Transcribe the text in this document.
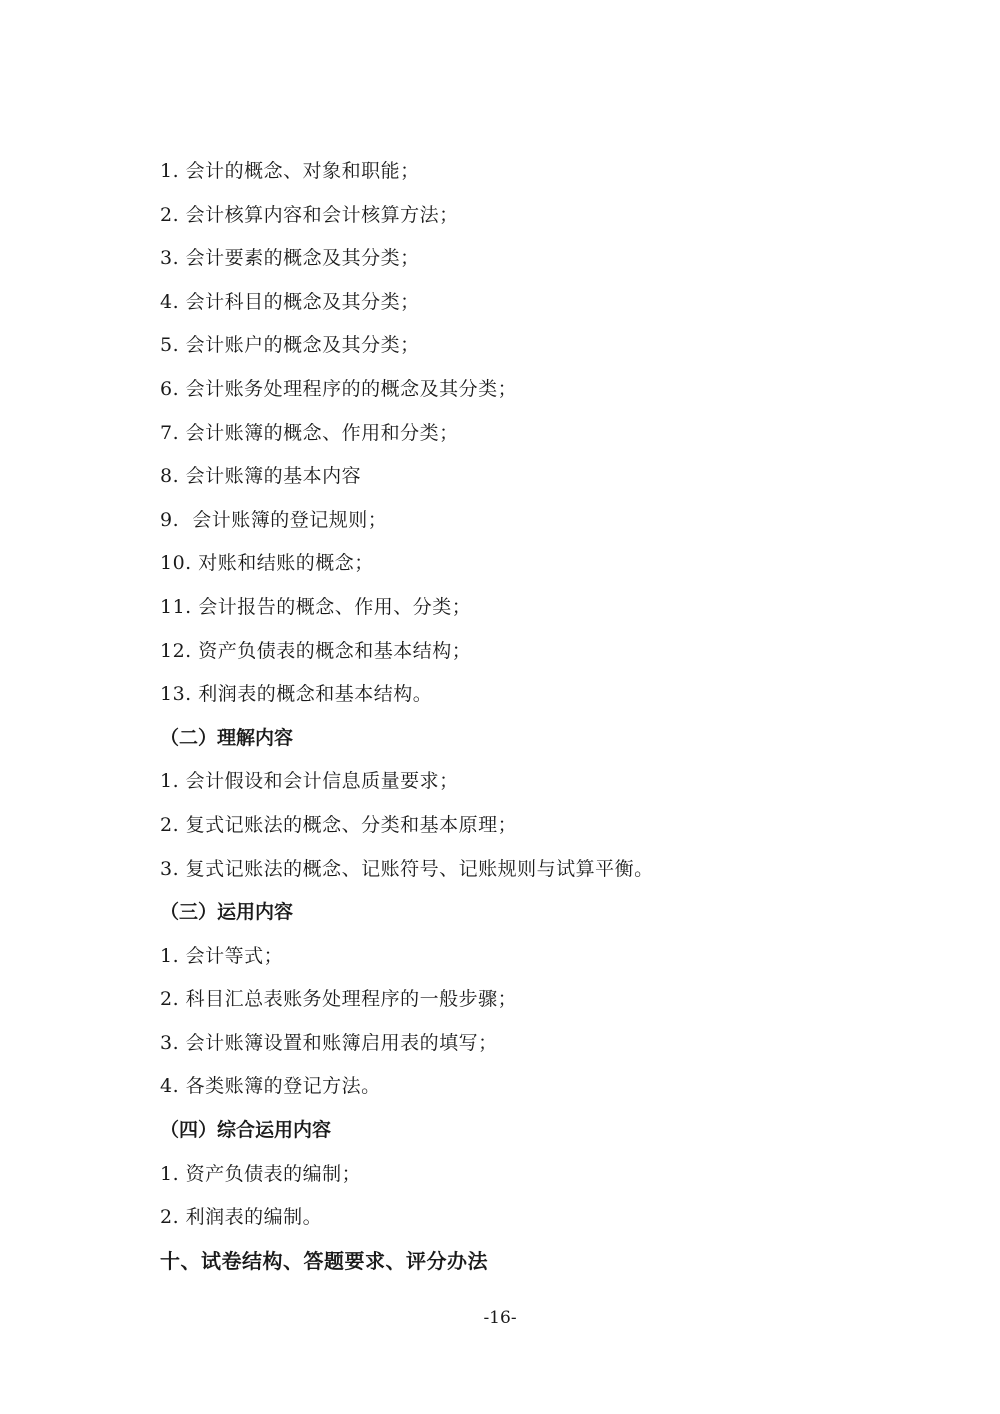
1. 会计的概念、对象和职能；
2. 会计核算内容和会计核算方法；
3. 会计要素的概念及其分类；
4. 会计科目的概念及其分类；
5. 会计账户的概念及其分类；
6. 会计账务处理程序的的概念及其分类；
7. 会计账簿的概念、作用和分类；
8. 会计账簿的基本内容
9.  会计账簿的登记规则；
10. 对账和结账的概念；
11. 会计报告的概念、作用、分类；
12. 资产负债表的概念和基本结构；
13. 利润表的概念和基本结构。
（二）理解内容
1. 会计假设和会计信息质量要求；
2. 复式记账法的概念、分类和基本原理；
3. 复式记账法的概念、记账符号、记账规则与试算平衡。
（三）运用内容
1. 会计等式；
2. 科目汇总表账务处理程序的一般步骤；
3. 会计账簿设置和账簿启用表的填写；
4. 各类账簿的登记方法。
（四）综合运用内容
1. 资产负债表的编制；
2. 利润表的编制。
十、试卷结构、答题要求、评分办法
-16-
